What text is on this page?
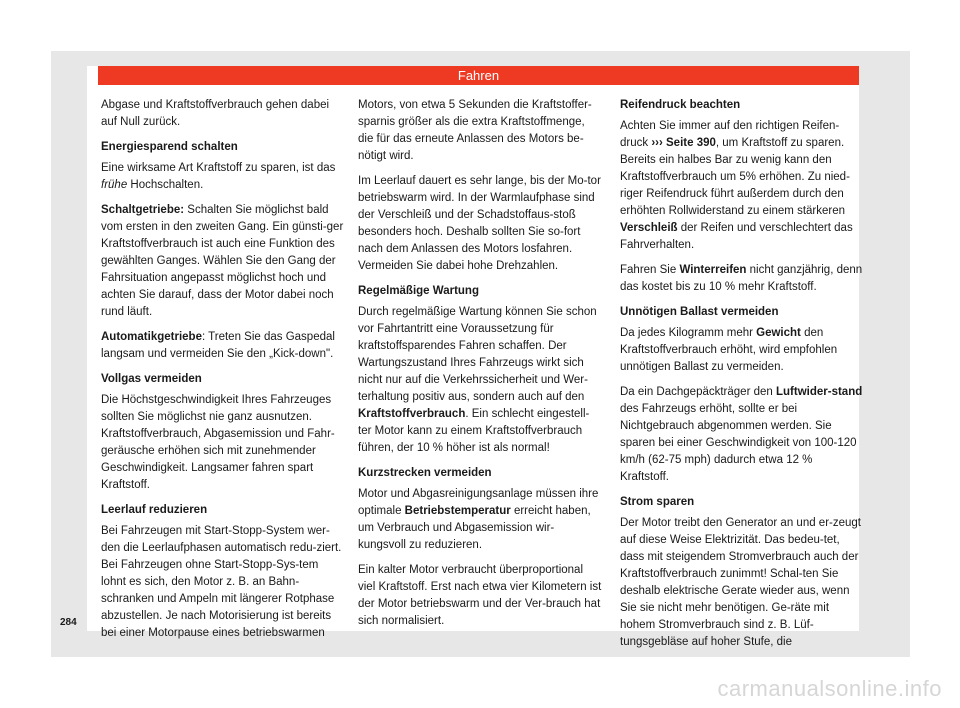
Fahren

Abgase und Kraftstoffverbrauch gehen dabei auf Null zurück.

Energiesparend schalten

Eine wirksame Art Kraftstoff zu sparen, ist das frühe Hochschalten.

Schaltgetriebe: Schalten Sie möglichst bald vom ersten in den zweiten Gang. Ein günsti-ger Kraftstoffverbrauch ist auch eine Funktion des gewählten Ganges. Wählen Sie den Gang der Fahrsituation angepasst möglichst hoch und achten Sie darauf, dass der Motor dabei noch rund läuft.

Automatikgetriebe: Treten Sie das Gaspedal langsam und vermeiden Sie den „Kick-down".

Vollgas vermeiden

Die Höchstgeschwindigkeit Ihres Fahrzeuges sollten Sie möglichst nie ganz ausnutzen. Kraftstoffverbrauch, Abgasemission und Fahr-geräusche erhöhen sich mit zunehmender Geschwindigkeit. Langsamer fahren spart Kraftstoff.

Leerlauf reduzieren

Bei Fahrzeugen mit Start-Stopp-System wer-den die Leerlaufphasen automatisch redu-ziert. Bei Fahrzeugen ohne Start-Stopp-Sys-tem lohnt es sich, den Motor z. B. an Bahn-schranken und Ampeln mit längerer Rotphase abzustellen. Je nach Motorisierung ist bereits bei einer Motorpause eines betriebswarmen

Motors, von etwa 5 Sekunden die Kraftstoffer-sparnis größer als die extra Kraftstoffmenge, die für das erneute Anlassen des Motors be-nötigt wird.

Im Leerlauf dauert es sehr lange, bis der Mo-tor betriebswarm wird. In der Warmlaufphase sind der Verschleiß und der Schadstoffaus-stoß besonders hoch. Deshalb sollten Sie so-fort nach dem Anlassen des Motors losfahren. Vermeiden Sie dabei hohe Drehzahlen.

Regelmäßige Wartung

Durch regelmäßige Wartung können Sie schon vor Fahrtantritt eine Voraussetzung für kraftstoffsparendes Fahren schaffen. Der Wartungszustand Ihres Fahrzeugs wirkt sich nicht nur auf die Verkehrssicherheit und Wer-terhaltung positiv aus, sondern auch auf den Kraftstoffverbrauch. Ein schlecht eingestell-ter Motor kann zu einem Kraftstoffverbrauch führen, der 10 % höher ist als normal!

Kurzstrecken vermeiden

Motor und Abgasreinigungsanlage müssen ihre optimale Betriebstemperatur erreicht haben, um Verbrauch und Abgasemission wir-kungsvoll zu reduzieren.

Ein kalter Motor verbraucht überproportional viel Kraftstoff. Erst nach etwa vier Kilometern ist der Motor betriebswarm und der Ver-brauch hat sich normalisiert.

Reifendruck beachten

Achten Sie immer auf den richtigen Reifen-druck ››› Seite 390, um Kraftstoff zu sparen. Bereits ein halbes Bar zu wenig kann den Kraftstoffverbrauch um 5% erhöhen. Zu nied-riger Reifendruck führt außerdem durch den erhöhten Rollwiderstand zu einem stärkeren Verschleiß der Reifen und verschlechtert das Fahrverhalten.

Fahren Sie Winterreifen nicht ganzjährig, denn das kostet bis zu 10 % mehr Kraftstoff.

Unnötigen Ballast vermeiden

Da jedes Kilogramm mehr Gewicht den Kraftstoffverbrauch erhöht, wird empfohlen unnötigen Ballast zu vermeiden.

Da ein Dachgepäckträger den Luftwider-stand des Fahrzeugs erhöht, sollte er bei Nichtgebrauch abgenommen werden. Sie sparen bei einer Geschwindigkeit von 100-120 km/h (62-75 mph) dadurch etwa 12 % Kraftstoff.

Strom sparen

Der Motor treibt den Generator an und er-zeugt auf diese Weise Elektrizität. Das bedeu-tet, dass mit steigendem Stromverbrauch auch der Kraftstoffverbrauch zunimmt! Schal-ten Sie deshalb elektrische Gerate wieder aus, wenn Sie sie nicht mehr benötigen. Ge-räte mit hohem Stromverbrauch sind z. B. Lüf-tungsgebläse auf hoher Stufe, die

284
carmanualsonline.info
